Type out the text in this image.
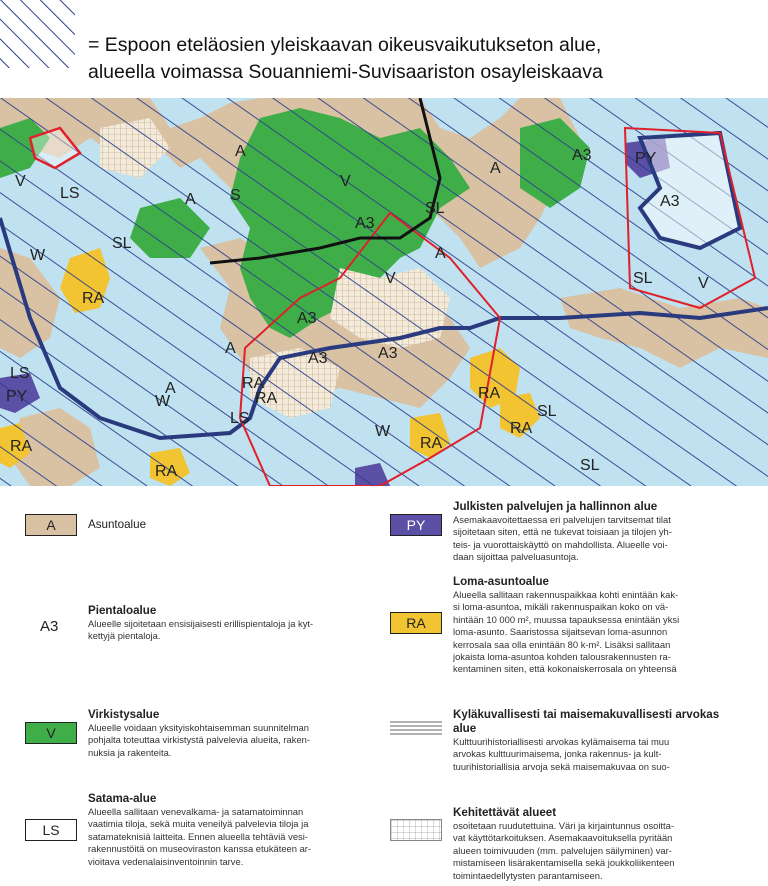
= Espoon eteläosien yleiskaavan oikeusvaikutukseton alue,
alueella voimassa Souanniemi-Suvisaariston osayleiskaava
A
A
A
A
A
A
V
V
V
V
LS
LS
LS
S
SL
SL
SL
SL
SL
A3
A3
A3
A3
A3	A3
PY
PY
W
W
W
RA
RA
RA	RA
RA
RA
RA
RA
A	Asuntoalue
A3
Pientaloalue
Alueelle sijoitetaan ensisijaisesti erillispientaloja ja kyt-
kettyjä pientaloja.
V
Virkistysalue
Alueelle voidaan yksityiskohtaisemman suunnitelman
pohjalta toteuttaa virkistystä palvelevia alueita, raken-
nuksia ja rakenteita.
LS
Satama-alue
Alueella sallitaan venevalkama- ja satamatoiminnan
vaatimia tiloja, sekä muita veneilyä palvelevia tiloja ja
satamateknisiä laitteita. Ennen alueella tehtäviä vesi-
rakennustöitä on museoviraston kanssa etukäteen ar-
vioitava vedenalaisinventoinnin tarve.
PY
Julkisten palvelujen ja hallinnon alue
Asemakaavoitettaessa eri palvelujen tarvitsemat tilat
sijoitetaan siten, että ne tukevat toisiaan ja tilojen yh-
teis- ja vuorottaiskäyttö on mahdollista. Alueelle voi-
daan sijoittaa palveluasuntoja.
RA
Loma-asuntoalue
Alueella sallitaan rakennuspaikkaa kohti enintään kak-
si loma-asuntoa, mikäli rakennuspaikan koko on vä-
hintään 10 000 m², muussa tapauksessa enintään yksi
loma-asunto. Saaristossa sijaitsevan loma-asunnon
kerrosala saa olla enintään 80 k-m². Lisäksi sallitaan
jokaista loma-asuntoa kohden talousrakennusten ra-
kentaminen siten, että kokonaiskerrosala on yhteensä
Kyläkuvallisesti tai maisemakuvallisesti arvokas
alue
Kulttuurihistoriallisesti arvokas kylämaisema tai muu
arvokas kulttuurimaisema, jonka rakennus- ja kult-
tuurihistoriallisia arvoja sekä maisemakuvaa on suo-
Kehitettävät alueet
osoitetaan ruudutettuina. Väri ja kirjaintunnus osoitta-
vat käyttötarkoituksen. Asemakaavoituksella pyritään
alueen toimivuuden (mm. palvelujen säilyminen) var-
mistamiseen lisärakentamisella sekä joukkoliikenteen
toimintaedellytysten parantamiseen.
